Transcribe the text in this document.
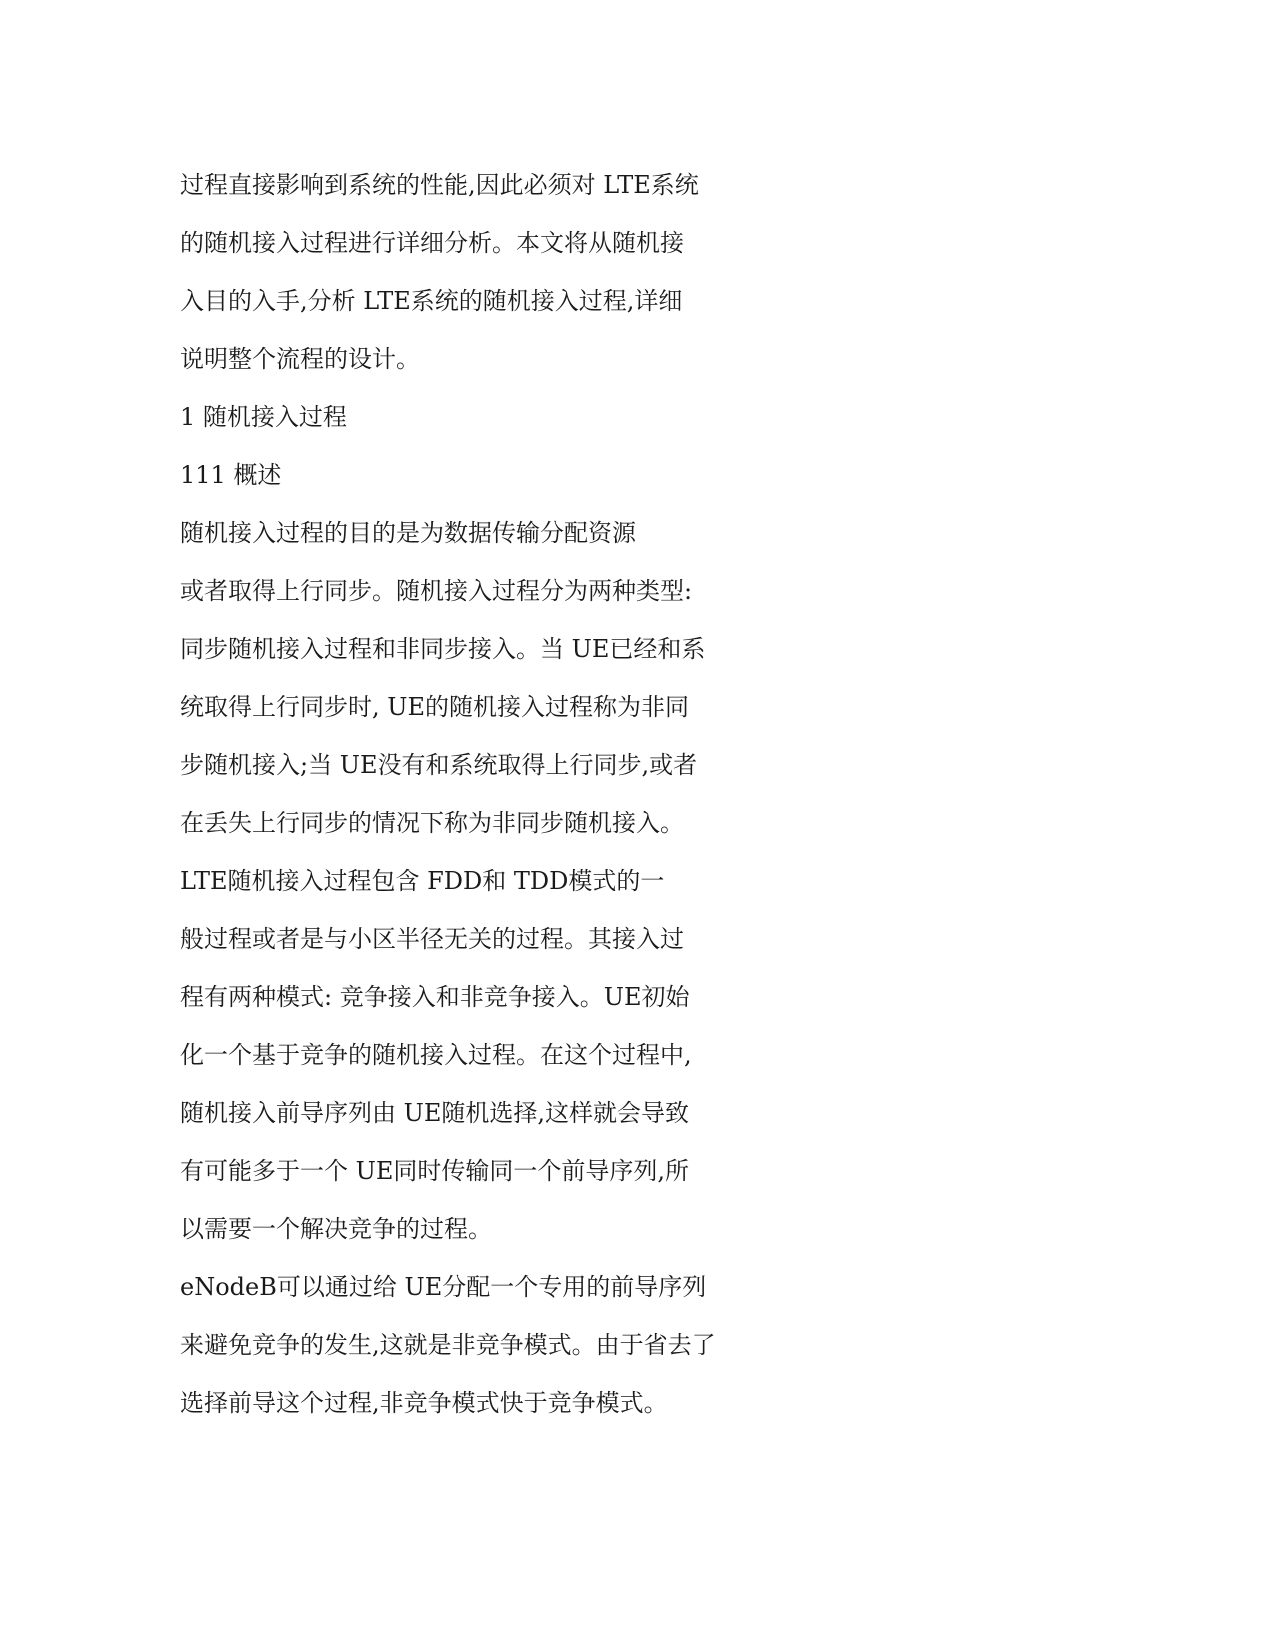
过程直接影响到系统的性能,因此必须对 LTE系统

的随机接入过程进行详细分析。本文将从随机接

入目的入手,分析 LTE系统的随机接入过程,详细

说明整个流程的设计。

1 随机接入过程

111 概述

随机接入过程的目的是为数据传输分配资源

或者取得上行同步。随机接入过程分为两种类型:

同步随机接入过程和非同步接入。当 UE已经和系

统取得上行同步时, UE的随机接入过程称为非同

步随机接入;当 UE没有和系统取得上行同步,或者

在丢失上行同步的情况下称为非同步随机接入。

LTE随机接入过程包含 FDD和 TDD模式的一

般过程或者是与小区半径无关的过程。其接入过

程有两种模式: 竞争接入和非竞争接入。UE初始

化一个基于竞争的随机接入过程。在这个过程中,

随机接入前导序列由 UE随机选择,这样就会导致

有可能多于一个 UE同时传输同一个前导序列,所

以需要一个解决竞争的过程。

eNodeB可以通过给 UE分配一个专用的前导序列

来避免竞争的发生,这就是非竞争模式。由于省去了

选择前导这个过程,非竞争模式快于竞争模式。
